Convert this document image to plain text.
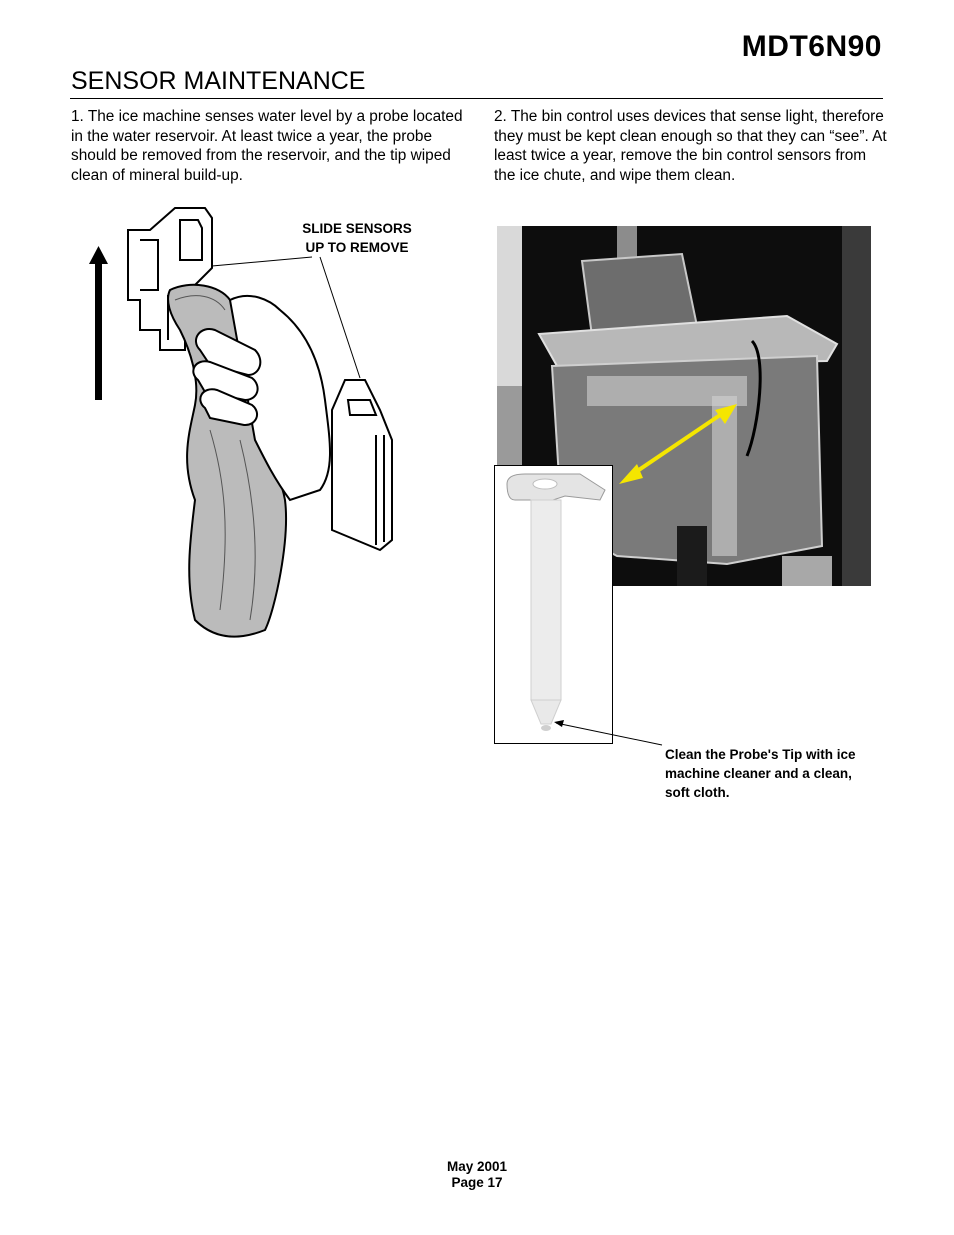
MDT6N90
SENSOR MAINTENANCE
1. The ice machine senses water level by a probe located in the water reservoir. At least twice a year, the probe should be removed from the reservoir, and the tip wiped clean of mineral build-up.
2. The bin control uses devices that sense light, therefore they must be kept clean enough so that they can “see”. At least twice a year, remove the bin control sensors from the ice chute, and wipe them clean.
SLIDE SENSORS
UP TO REMOVE
Clean the Probe's Tip with ice
machine cleaner and a clean,
soft cloth.
May 2001
Page 17
